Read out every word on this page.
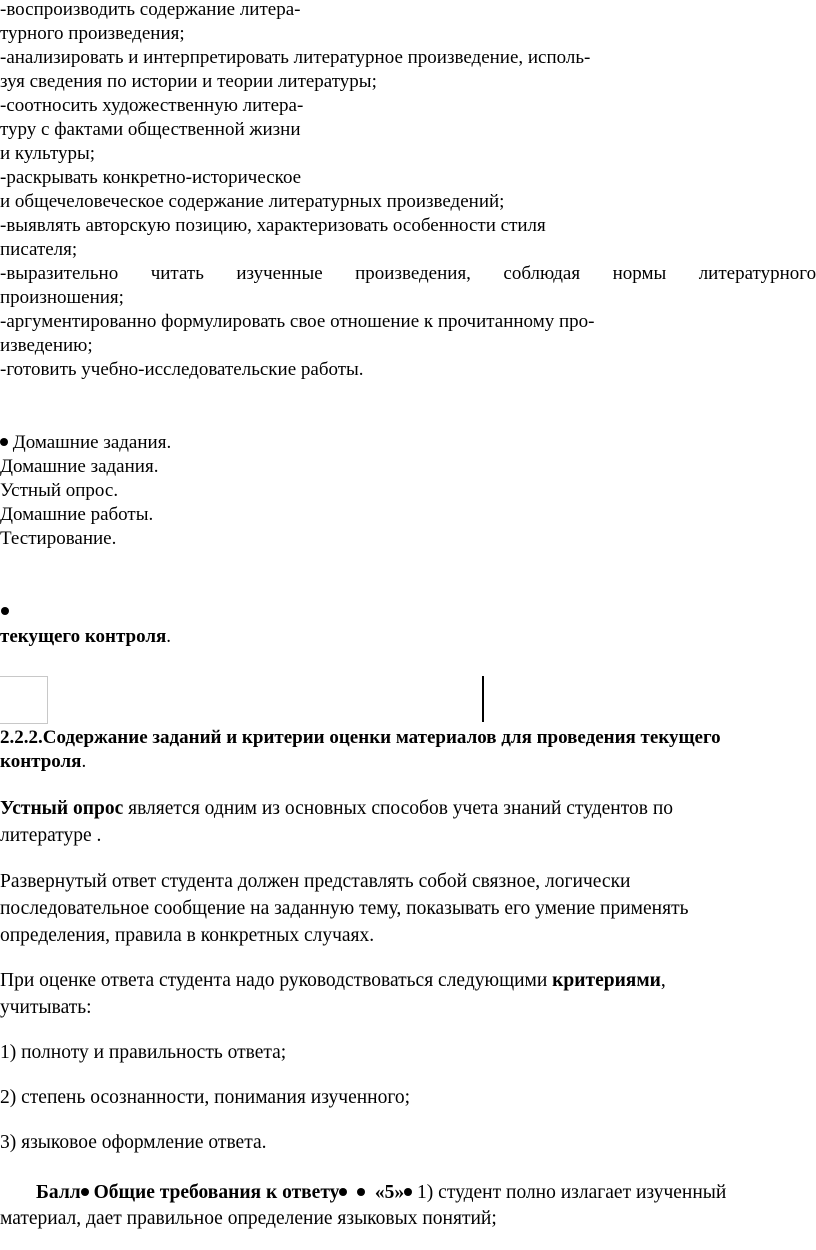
-воспроизводить содержание литера-
турного произведения;
-анализировать и интерпретировать литературное произведение, исполь-
зуя сведения по истории и теории литературы;
-соотносить художественную литера-
туру с фактами общественной жизни
и культуры;
-раскрывать конкретно-историческое
и общечеловеческое содержание литературных произведений;
-выявлять авторскую позицию, характеризовать особенности стиля
писателя;
-выразительно читать изученные произведения, соблюдая нормы литературного
произношения;
-аргументированно формулировать свое отношение к прочитанному про-
изведению;
-готовить учебно-исследовательские работы.
Домашние задания.
Домашние задания.
Устный опрос.
Домашние работы.
Тестирование.
текущего контроля.
2.2.2.Содержание заданий и критерии оценки материалов для проведения текущего
контроля.
Устный опрос является одним из основных способов учета знаний студентов по
литературе .
Развернутый ответ студента должен представлять собой связное, логически
последовательное сообщение на заданную тему, показывать его умение применять
определения, правила в конкретных случаях.
При оценке ответа студента надо руководствоваться следующими критериями,
учитывать:
1) полноту и правильность ответа;
2) степень осознанности, понимания изученного;
3) языковое оформление ответа.
Балл Общие требования к ответу «5» 1) студент полно излагает изученный
материал, дает правильное определение языковых понятий;
